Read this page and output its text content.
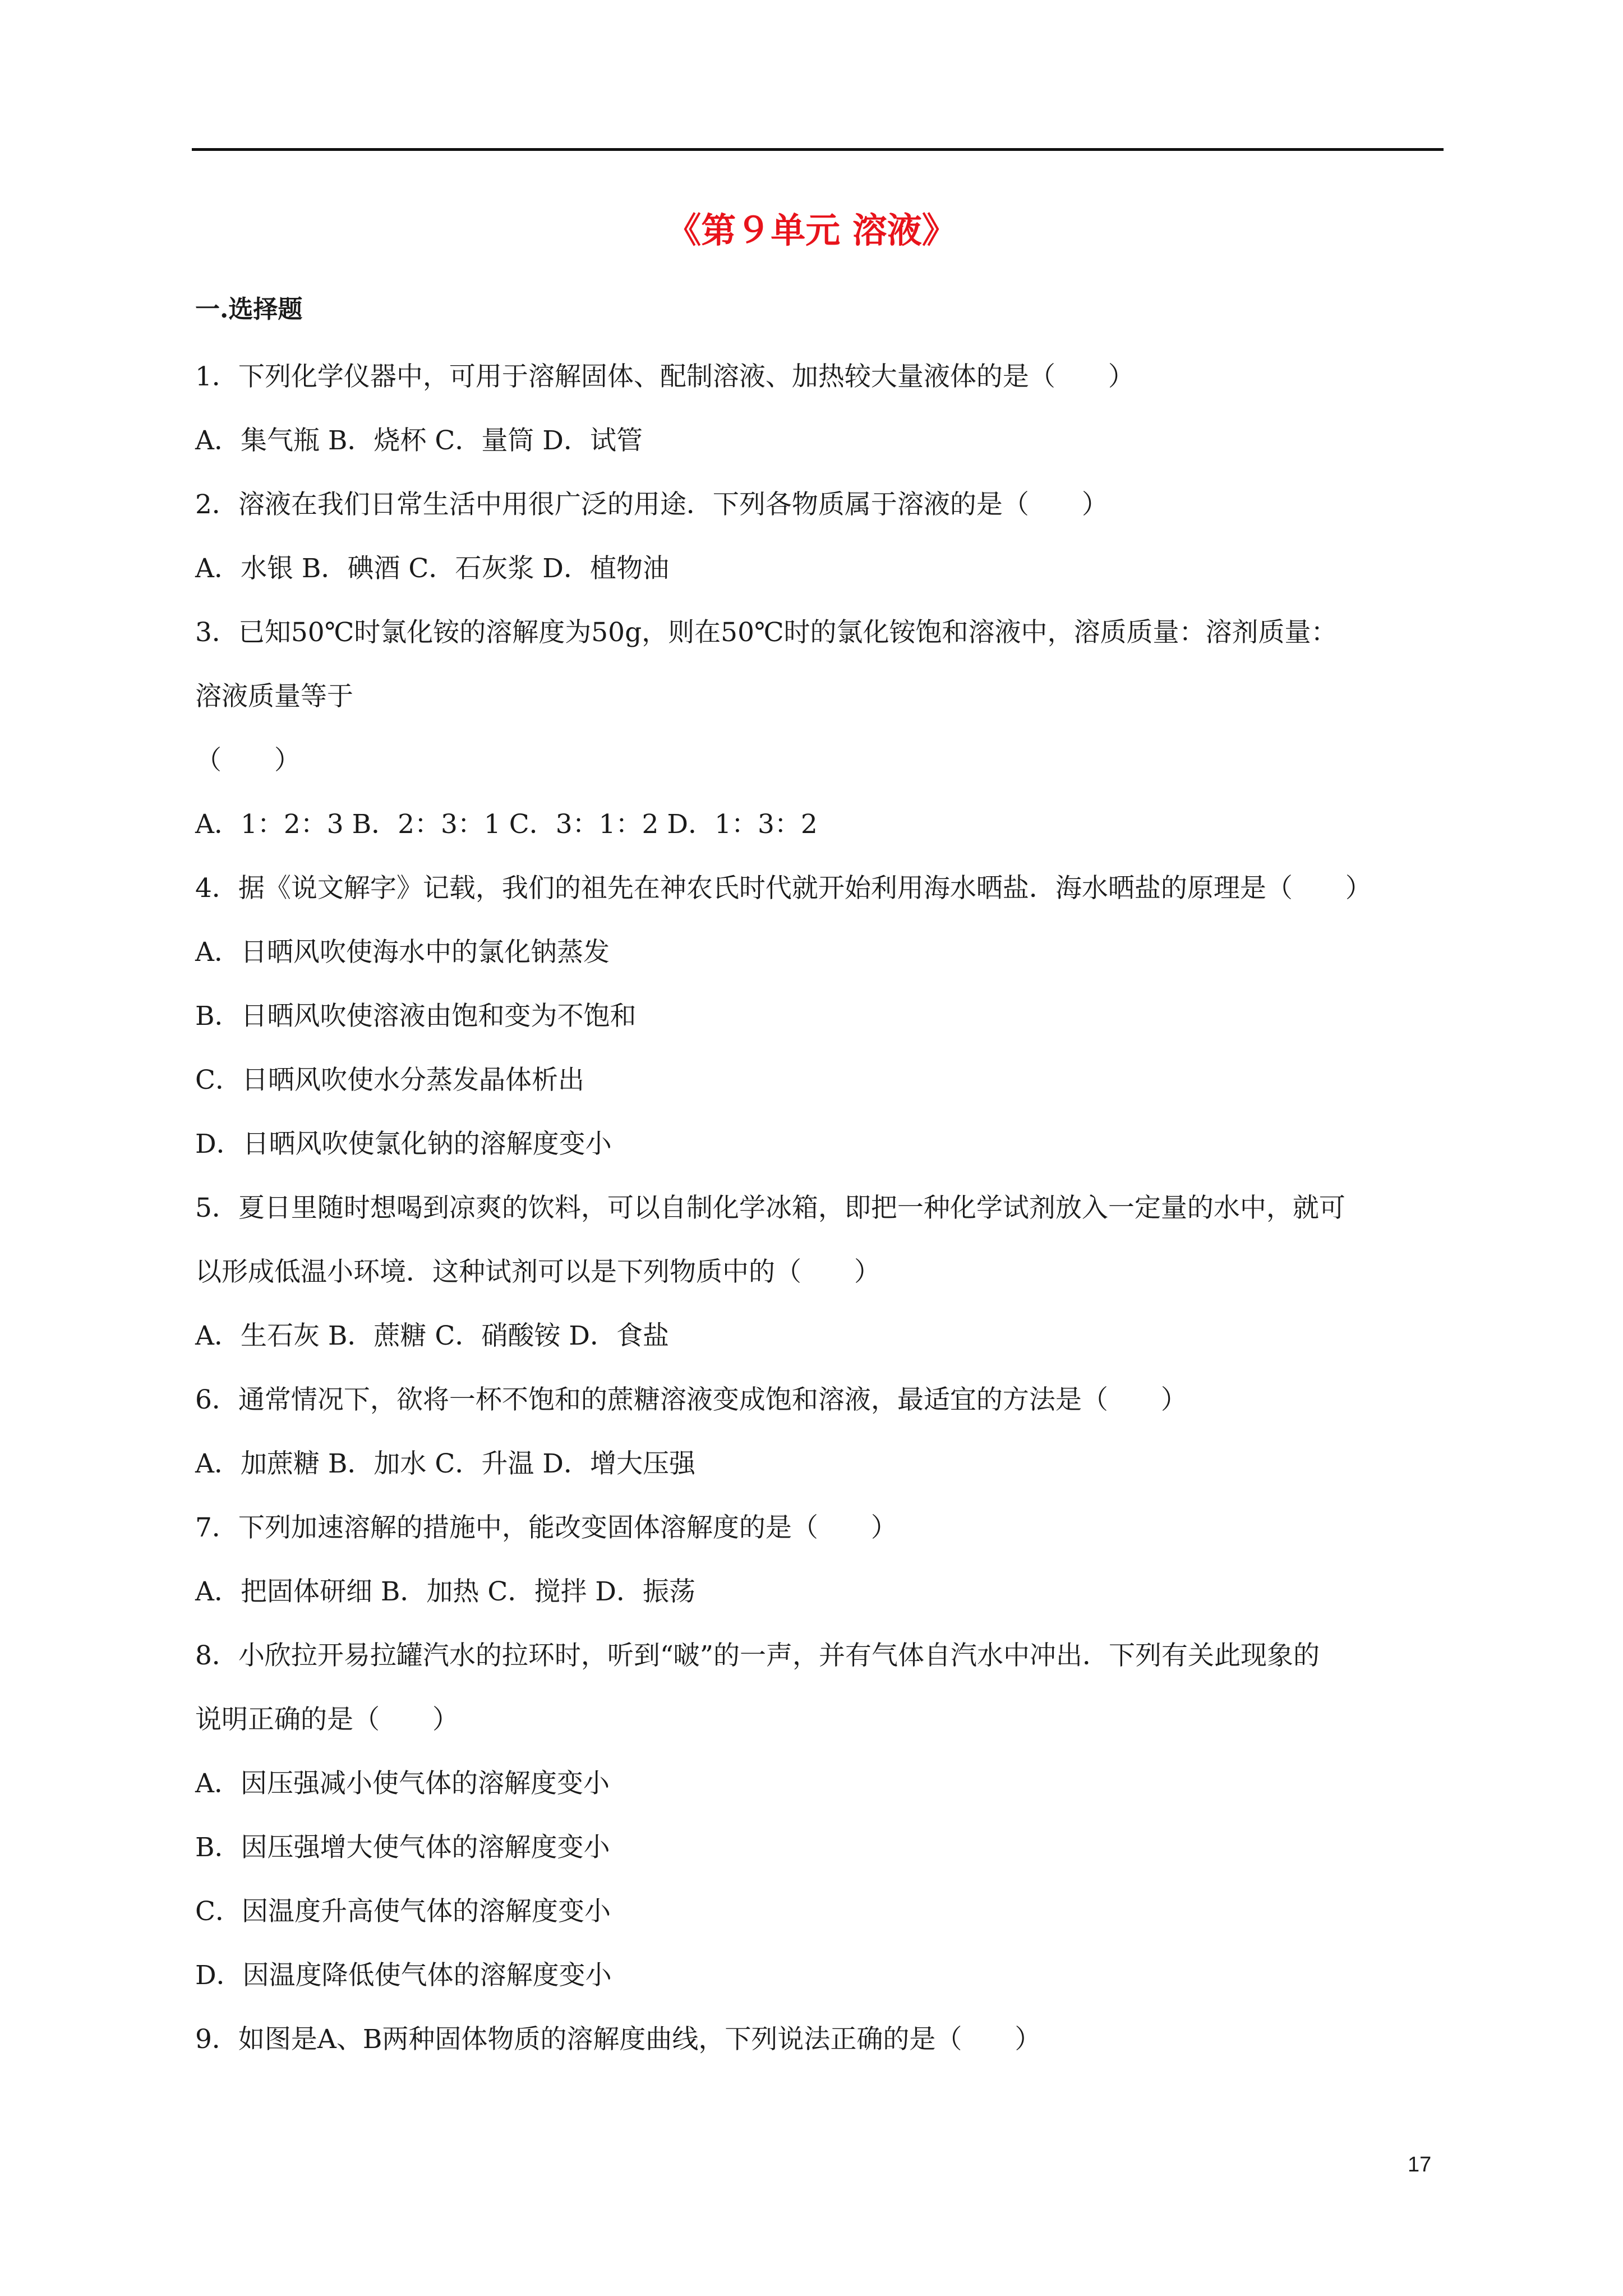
《第９单元 溶液》
一.选择题
1．下列化学仪器中，可用于溶解固体、配制溶液、加热较大量液体的是（　　）
A．集气瓶 B．烧杯 C．量筒 D．试管
2．溶液在我们日常生活中用很广泛的用途．下列各物质属于溶液的是（　　）
A．水银 B．碘酒 C．石灰浆 D．植物油
3．已知50℃时氯化铵的溶解度为50g，则在50℃时的氯化铵饱和溶液中，溶质质量：溶剂质量：
溶液质量等于
（　　）
A．1：2：3 B．2：3：1 C．3：1：2 D．1：3：2
4．据《说文解字》记载，我们的祖先在神农氏时代就开始利用海水晒盐．海水晒盐的原理是（　　）
A．日晒风吹使海水中的氯化钠蒸发
B．日晒风吹使溶液由饱和变为不饱和
C．日晒风吹使水分蒸发晶体析出
D．日晒风吹使氯化钠的溶解度变小
5．夏日里随时想喝到凉爽的饮料，可以自制化学冰箱，即把一种化学试剂放入一定量的水中，就可
以形成低温小环境．这种试剂可以是下列物质中的（　　）
A．生石灰 B．蔗糖 C．硝酸铵 D．食盐
6．通常情况下，欲将一杯不饱和的蔗糖溶液变成饱和溶液，最适宜的方法是（　　）
A．加蔗糖 B．加水 C．升温 D．增大压强
7．下列加速溶解的措施中，能改变固体溶解度的是（　　）
A．把固体研细 B．加热 C．搅拌 D．振荡
8．小欣拉开易拉罐汽水的拉环时，听到“啵”的一声，并有气体自汽水中冲出．下列有关此现象的
说明正确的是（　　）
A．因压强减小使气体的溶解度变小
B．因压强增大使气体的溶解度变小
C．因温度升高使气体的溶解度变小
D．因温度降低使气体的溶解度变小
9．如图是A、B两种固体物质的溶解度曲线，下列说法正确的是（　　）
17
